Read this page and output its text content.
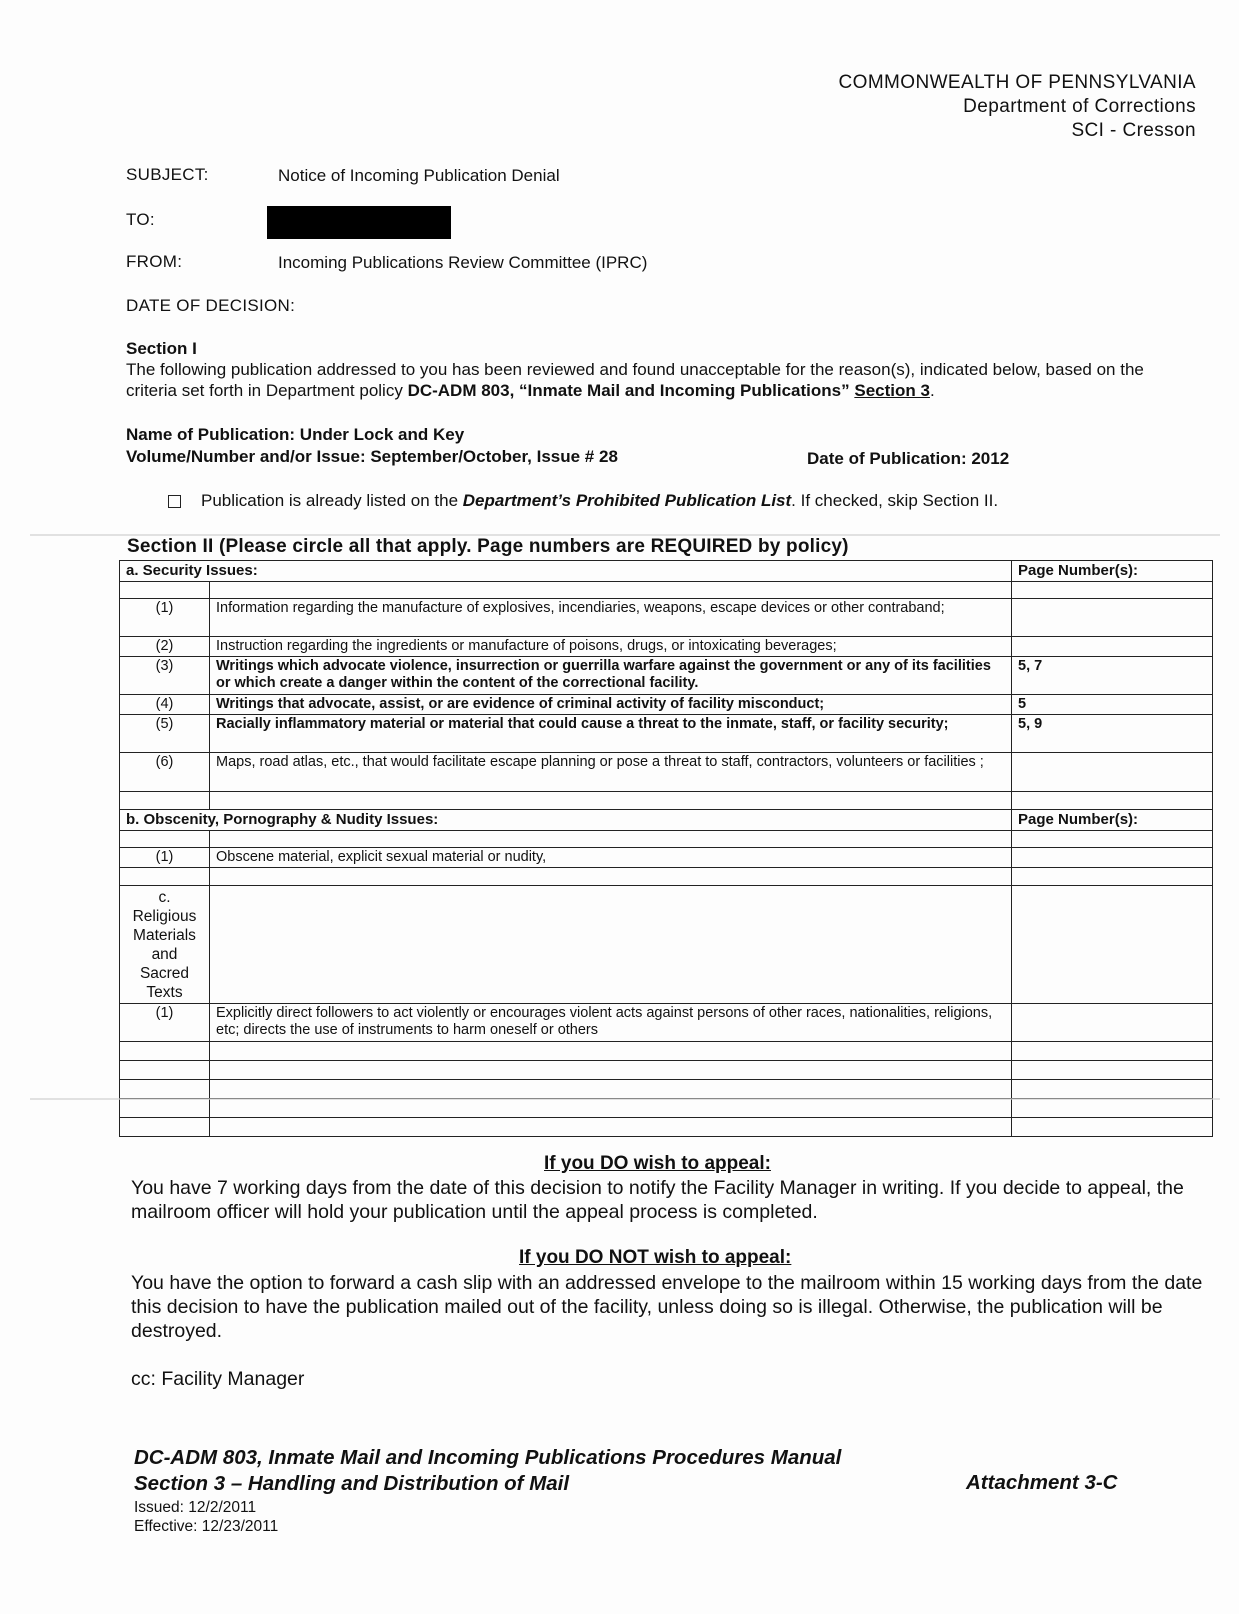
COMMONWEALTH OF PENNSYLVANIA
Department of Corrections
SCI - Cresson
SUBJECT:	Notice of Incoming Publication Denial
TO:
FROM:	Incoming Publications Review Committee (IPRC)
DATE OF DECISION:
Section I
The following publication addressed to you has been reviewed and found unacceptable for the reason(s), indicated below, based on the criteria set forth in Department policy DC-ADM 803, “Inmate Mail and Incoming Publications” Section 3.
Name of Publication: Under Lock and Key
Volume/Number and/or Issue: September/October, Issue # 28	Date of Publication: 2012
Publication is already listed on the Department’s Prohibited Publication List. If checked, skip Section II.
Section II (Please circle all that apply. Page numbers are REQUIRED by policy)
a. Security Issues:		Page Number(s):

(1)	Information regarding the manufacture of explosives, incendiaries, weapons, escape devices or other contraband;	
(2)	Instruction regarding the ingredients or manufacture of poisons, drugs, or intoxicating beverages;	
(3)	Writings which advocate violence, insurrection or guerrilla warfare against the government or any of its facilities or which create a danger within the content of the correctional facility.	5, 7
(4)	Writings that advocate, assist, or are evidence of criminal activity of facility misconduct;	5
(5)	Racially inflammatory material or material that could cause a threat to the inmate, staff, or facility security;	5, 9
(6)	Maps, road atlas, etc., that would facilitate escape planning or pose a threat to staff, contractors, volunteers or facilities ;	

b. Obscenity, Pornography & Nudity Issues:		Page Number(s):

(1)	Obscene material, explicit sexual material or nudity,	

c. Religious Materials and Sacred Texts		
(1)	Explicitly direct followers to act violently or encourages violent acts against persons of other races, nationalities, religions, etc; directs the use of instruments to harm oneself or others	

If you DO wish to appeal:
You have 7 working days from the date of this decision to notify the Facility Manager in writing. If you decide to appeal, the mailroom officer will hold your publication until the appeal process is completed.
If you DO NOT wish to appeal:
You have the option to forward a cash slip with an addressed envelope to the mailroom within 15 working days from the date this decision to have the publication mailed out of the facility, unless doing so is illegal. Otherwise, the publication will be destroyed.
cc: Facility Manager
DC-ADM 803, Inmate Mail and Incoming Publications Procedures Manual
Section 3 – Handling and Distribution of Mail	Attachment 3-C
Issued: 12/2/2011
Effective: 12/23/2011
